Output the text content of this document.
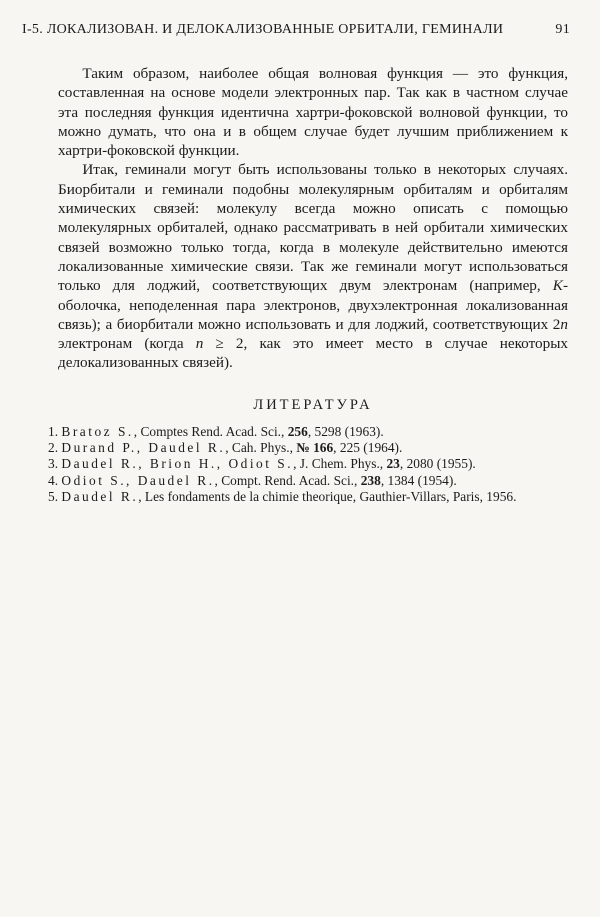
I-5. ЛОКАЛИЗОВАН. И ДЕЛОКАЛИЗОВАННЫЕ ОРБИТАЛИ, ГЕМИНАЛИ	91

Таким образом, наиболее общая волновая функция — это функция, составленная на основе модели электронных пар. Так как в частном случае эта последняя функция идентична хартри-фоковской волновой функции, то можно думать, что она и в общем случае будет лучшим приближением к хартри-фоковской функции.

Итак, геминали могут быть использованы только в некоторых случаях. Биорбитали и геминали подобны молекулярным орбиталям и орбиталям химических связей: молекулу всегда можно описать с помощью молекулярных орбиталей, однако рассматривать в ней орбитали химических связей возможно только тогда, когда в молекуле действительно имеются локализованные химические связи. Так же геминали могут использоваться только для лоджий, соответствующих двум электронам (например, K-оболочка, неподеленная пара электронов, двухэлектронная локализованная связь); а биорбитали можно использовать и для лоджий, соответствующих 2n электронам (когда n ≥ 2, как это имеет место в случае некоторых делокализованных связей).

ЛИТЕРАТУРА
1. Bratoz S., Comptes Rend. Acad. Sci., 256, 5298 (1963).
2. Durand P., Daudel R., Cah. Phys., № 166, 225 (1964).
3. Daudel R., Brion H., Odiot S., J. Chem. Phys., 23, 2080 (1955).
4. Odiot S., Daudel R., Compt. Rend. Acad. Sci., 238, 1384 (1954).
5. Daudel R., Les fondaments de la chimie theorique, Gauthier-Villars, Paris, 1956.
